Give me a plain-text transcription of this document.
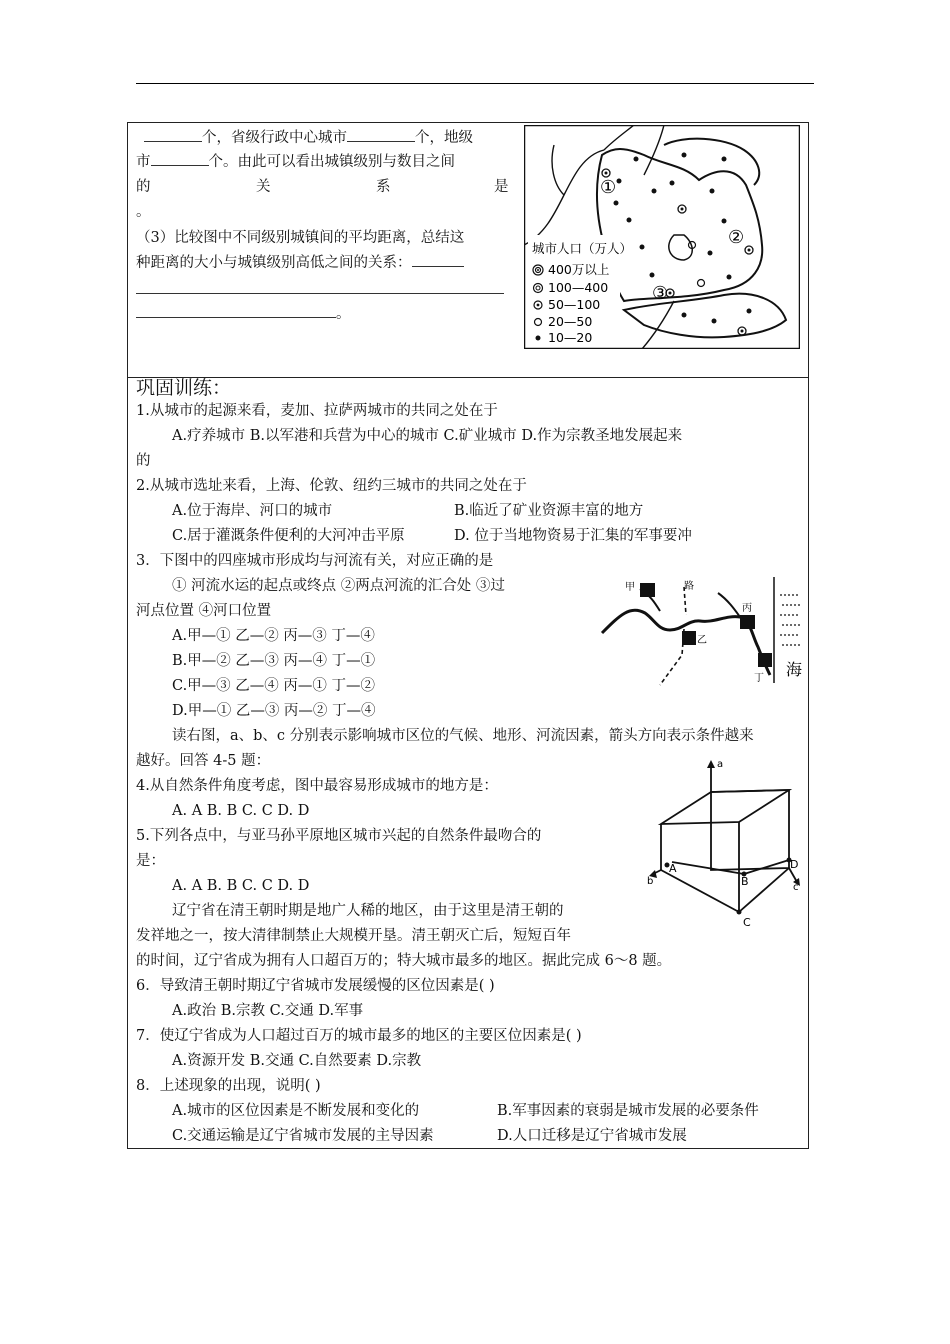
个，省级行政中心城市	个，地级
市	个。由此可以看出城镇级别与数目之间
的	关	系	是
。
（3）比较图中不同级别城镇间的平均距离，总结这
种距离的大小与城镇级别高低之间的关系：
。
①
②
③
城市人口（万人）
400万以上
100—400
50—100
20—50
10—20
巩固训练：
1.从城市的起源来看，麦加、拉萨两城市的共同之处在于
A.疗养城市 B.以军港和兵营为中心的城市 C.矿业城市 D.作为宗教圣地发展起来
的
2.从城市选址来看，上海、伦敦、纽约三城市的共同之处在于
A.位于海岸、河口的城市	B.临近了矿业资源丰富的地方
C.居于灌溉条件便利的大河冲击平原	D. 位于当地物资易于汇集的军事要冲
3．下图中的四座城市形成均与河流有关，对应正确的是
① 河流水运的起点或终点 ②两点河流的汇合处 ③过
河点位置 ④河口位置
A.甲—① 乙—② 丙—③ 丁—④
B.甲—② 乙—③ 丙—④ 丁—①
C.甲—③ 乙—④ 丙—① 丁—②
D.甲—① 乙—③ 丙—② 丁—④
读右图，a、b、c 分别表示影响城市区位的气候、地形、河流因素，箭头方向表示条件越来
越好。回答 4-5 题：
4.从自然条件角度考虑，图中最容易形成城市的地方是：
A. A B. B C. C D. D
5.下列各点中，与亚马孙平原地区城市兴起的自然条件最吻合的
是：
A. A B. B C. C D. D
辽宁省在清王朝时期是地广人稀的地区，由于这里是清王朝的
发祥地之一，按大清律制禁止大规模开垦。清王朝灭亡后，短短百年
的时间，辽宁省成为拥有人口超百万的；特大城市最多的地区。据此完成 6～8 题。
6．导致清王朝时期辽宁省城市发展缓慢的区位因素是( )
A.政治 B.宗教 C.交通 D.军事
7．使辽宁省成为人口超过百万的城市最多的地区的主要区位因素是( )
A.资源开发 B.交通 C.自然要素 D.宗教
8．上述现象的出现，说明( )
A.城市的区位因素是不断发展和变化的	B.军事因素的衰弱是城市发展的必要条件
C.交通运输是辽宁省城市发展的主导因素	D.人口迁移是辽宁省城市发展
甲	路
丙
乙
丁 海
a
A
b	B
C
D
c
